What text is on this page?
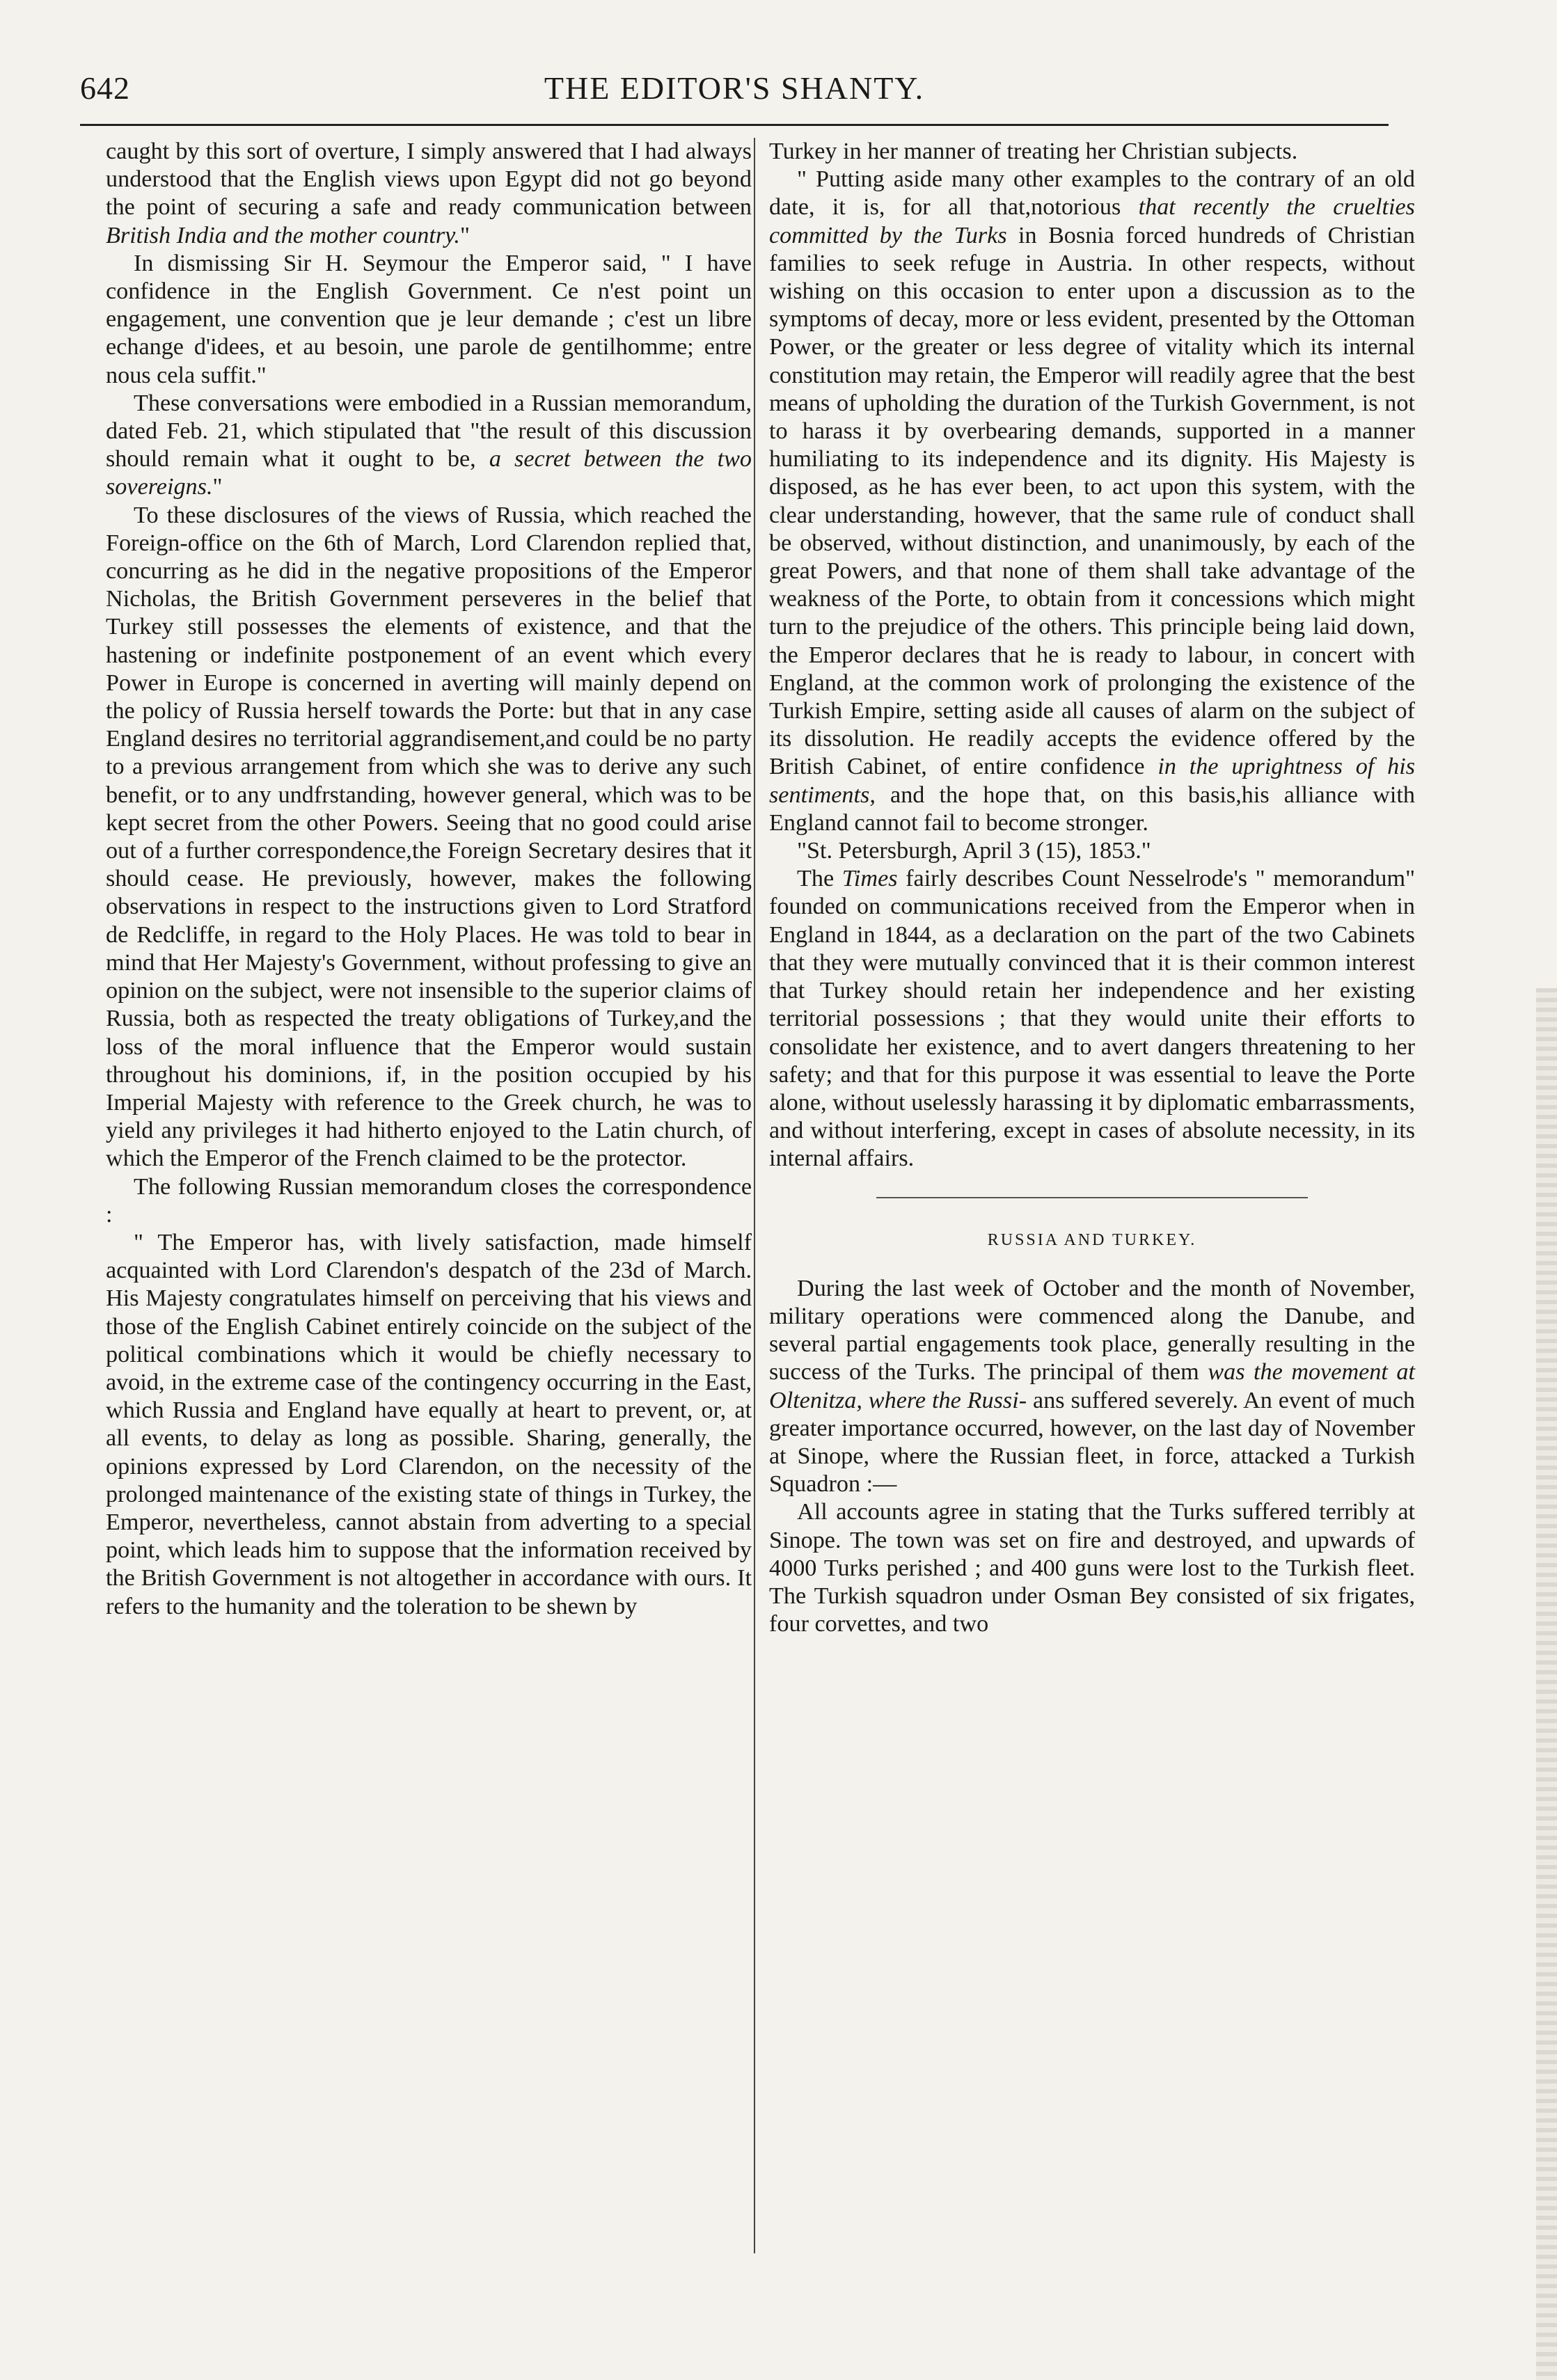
642	THE EDITOR'S SHANTY.

caught by this sort of overture, I simply answered that I had always understood that the English views upon Egypt did not go beyond the point of securing a safe and ready communication between British India and the mother country."

In dismissing Sir H. Seymour the Emperor said, " I have confidence in the English Government. Ce n'est point un engagement, une convention que je leur demande ; c'est un libre echange d'idees, et au besoin, une parole de gentilhomme; entre nous cela suffit."

These conversations were embodied in a Russian memorandum, dated Feb. 21, which stipulated that "the result of this discussion should remain what it ought to be, a secret between the two sovereigns."

To these disclosures of the views of Russia, which reached the Foreign-office on the 6th of March, Lord Clarendon replied that, concurring as he did in the negative propositions of the Emperor Nicholas, the British Government perseveres in the belief that Turkey still possesses the elements of existence, and that the hastening or indefinite postponement of an event which every Power in Europe is concerned in averting will mainly depend on the policy of Russia herself towards the Porte: but that in any case England desires no territorial aggrandisement,and could be no party to a previous arrangement from which she was to derive any such benefit, or to any undfrstanding, however general, which was to be kept secret from the other Powers. Seeing that no good could arise out of a further correspondence,the Foreign Secretary desires that it should cease. He previously, however, makes the following observations in respect to the instructions given to Lord Stratford de Redcliffe, in regard to the Holy Places. He was told to bear in mind that Her Majesty's Government, without professing to give an opinion on the subject, were not insensible to the superior claims of Russia, both as respected the treaty obligations of Turkey,and the loss of the moral influence that the Emperor would sustain throughout his dominions, if, in the position occupied by his Imperial Majesty with reference to the Greek church, he was to yield any privileges it had hitherto enjoyed to the Latin church, of which the Emperor of the French claimed to be the protector.

The following Russian memorandum closes the correspondence :

" The Emperor has, with lively satisfaction, made himself acquainted with Lord Clarendon's despatch of the 23d of March. His Majesty congratulates himself on perceiving that his views and those of the English Cabinet entirely coincide on the subject of the political combinations which it would be chiefly necessary to avoid, in the extreme case of the contingency occurring in the East, which Russia and England have equally at heart to prevent, or, at all events, to delay as long as possible. Sharing, generally, the opinions expressed by Lord Clarendon, on the necessity of the prolonged maintenance of the existing state of things in Turkey, the Emperor, nevertheless, cannot abstain from adverting to a special point, which leads him to suppose that the information received by the British Government is not altogether in accordance with ours. It refers to the humanity and the toleration to be shewn by

Turkey in her manner of treating her Christian subjects.

" Putting aside many other examples to the contrary of an old date, it is, for all that,notorious that recently the cruelties committed by the Turks in Bosnia forced hundreds of Christian families to seek refuge in Austria. In other respects, without wishing on this occasion to enter upon a discussion as to the symptoms of decay, more or less evident, presented by the Ottoman Power, or the greater or less degree of vitality which its internal constitution may retain, the Emperor will readily agree that the best means of upholding the duration of the Turkish Government, is not to harass it by overbearing demands, supported in a manner humiliating to its independence and its dignity. His Majesty is disposed, as he has ever been, to act upon this system, with the clear understanding, however, that the same rule of conduct shall be observed, without distinction, and unanimously, by each of the great Powers, and that none of them shall take advantage of the weakness of the Porte, to obtain from it concessions which might turn to the prejudice of the others. This principle being laid down, the Emperor declares that he is ready to labour, in concert with England, at the common work of prolonging the existence of the Turkish Empire, setting aside all causes of alarm on the subject of its dissolution. He readily accepts the evidence offered by the British Cabinet, of entire confidence in the uprightness of his sentiments, and the hope that, on this basis,his alliance with England cannot fail to become stronger.

"St. Petersburgh, April 3 (15), 1853."

The Times fairly describes Count Nesselrode's " memorandum" founded on communications received from the Emperor when in England in 1844, as a declaration on the part of the two Cabinets that they were mutually convinced that it is their common interest that Turkey should retain her independence and her existing territorial possessions ; that they would unite their efforts to consolidate her existence, and to avert dangers threatening to her safety; and that for this purpose it was essential to leave the Porte alone, without uselessly harassing it by diplomatic embarrassments, and without interfering, except in cases of absolute necessity, in its internal affairs.

RUSSIA AND TURKEY.

During the last week of October and the month of November, military operations were commenced along the Danube, and several partial engagements took place, generally resulting in the success of the Turks. The principal of them was the movement at Oltenitza, where the Russi- ans suffered severely. An event of much greater importance occurred, however, on the last day of November at Sinope, where the Russian fleet, in force, attacked a Turkish Squadron :—

All accounts agree in stating that the Turks suffered terribly at Sinope. The town was set on fire and destroyed, and upwards of 4000 Turks perished ; and 400 guns were lost to the Turkish fleet. The Turkish squadron under Osman Bey consisted of six frigates, four corvettes, and two
